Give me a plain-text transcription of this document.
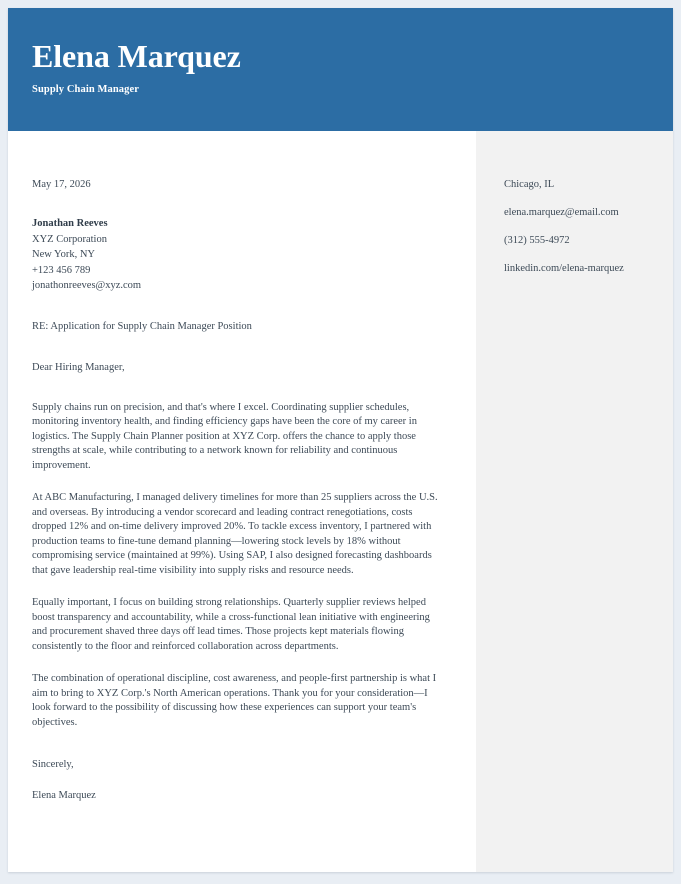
Elena Marquez
Supply Chain Manager
May 17, 2026
Jonathan Reeves
XYZ Corporation
New York, NY
+123 456 789
jonathonreeves@xyz.com
RE: Application for Supply Chain Manager Position
Dear Hiring Manager,

Supply chains run on precision, and that's where I excel. Coordinating supplier schedules, monitoring inventory health, and finding efficiency gaps have been the core of my career in logistics. The Supply Chain Planner position at XYZ Corp. offers the chance to apply those strengths at scale, while contributing to a network known for reliability and continuous improvement.

At ABC Manufacturing, I managed delivery timelines for more than 25 suppliers across the U.S. and overseas. By introducing a vendor scorecard and leading contract renegotiations, costs dropped 12% and on-time delivery improved 20%. To tackle excess inventory, I partnered with production teams to fine-tune demand planning—lowering stock levels by 18% without compromising service (maintained at 99%). Using SAP, I also designed forecasting dashboards that gave leadership real-time visibility into supply risks and resource needs.

Equally important, I focus on building strong relationships. Quarterly supplier reviews helped boost transparency and accountability, while a cross-functional lean initiative with engineering and procurement shaved three days off lead times. Those projects kept materials flowing consistently to the floor and reinforced collaboration across departments.

The combination of operational discipline, cost awareness, and people-first partnership is what I aim to bring to XYZ Corp.'s North American operations. Thank you for your consideration—I look forward to the possibility of discussing how these experiences can support your team's objectives.

Sincerely,
Elena Marquez
Chicago, IL
elena.marquez@email.com
(312) 555-4972
linkedin.com/elena-marquez
